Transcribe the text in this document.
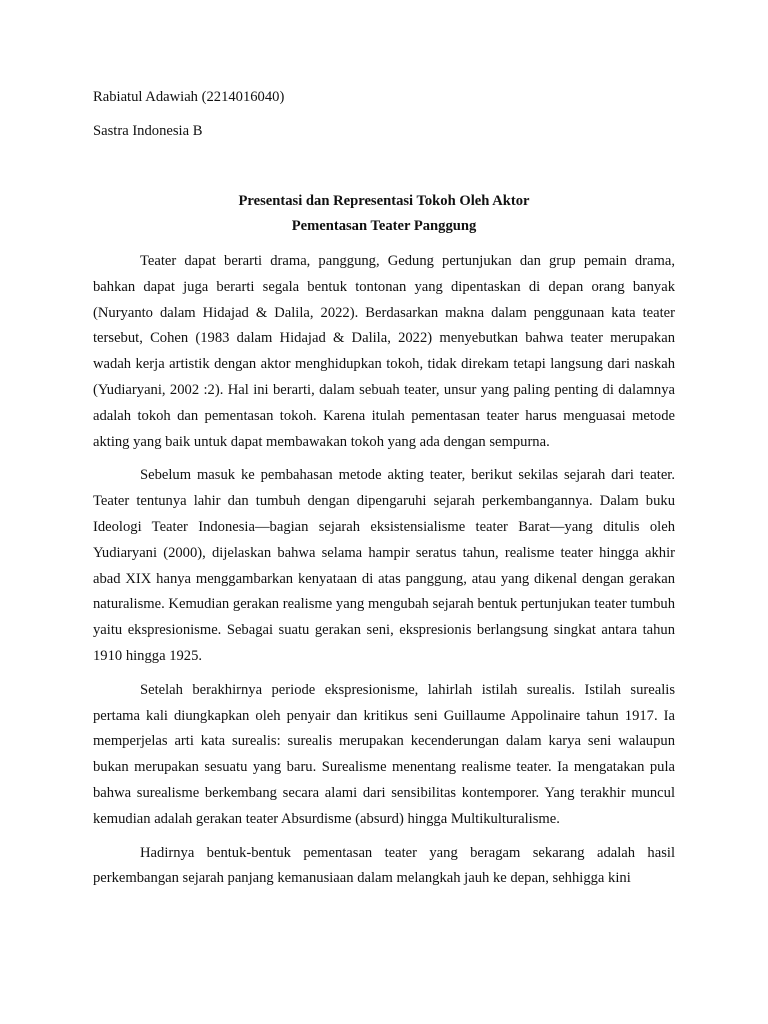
Rabiatul Adawiah (2214016040)
Sastra Indonesia B
Presentasi dan Representasi Tokoh Oleh Aktor
Pementasan Teater Panggung

Teater dapat berarti drama, panggung, Gedung pertunjukan dan grup pemain drama, bahkan dapat juga berarti segala bentuk tontonan yang dipentaskan di depan orang banyak (Nuryanto dalam Hidajad & Dalila, 2022). Berdasarkan makna dalam penggunaan kata teater tersebut, Cohen (1983 dalam Hidajad & Dalila, 2022) menyebutkan bahwa teater merupakan wadah kerja artistik dengan aktor menghidupkan tokoh, tidak direkam tetapi langsung dari naskah (Yudiaryani, 2002 :2). Hal ini berarti, dalam sebuah teater, unsur yang paling penting di dalamnya adalah tokoh dan pementasan tokoh. Karena itulah pementasan teater harus menguasai metode akting yang baik untuk dapat membawakan tokoh yang ada dengan sempurna.

Sebelum masuk ke pembahasan metode akting teater, berikut sekilas sejarah dari teater. Teater tentunya lahir dan tumbuh dengan dipengaruhi sejarah perkembangannya. Dalam buku Ideologi Teater Indonesia—bagian sejarah eksistensialisme teater Barat—yang ditulis oleh Yudiaryani (2000), dijelaskan bahwa selama hampir seratus tahun, realisme teater hingga akhir abad XIX hanya menggambarkan kenyataan di atas panggung, atau yang dikenal dengan gerakan naturalisme. Kemudian gerakan realisme yang mengubah sejarah bentuk pertunjukan teater tumbuh yaitu ekspresionisme. Sebagai suatu gerakan seni, ekspresionis berlangsung singkat antara tahun 1910 hingga 1925.

Setelah berakhirnya periode ekspresionisme, lahirlah istilah surealis. Istilah surealis pertama kali diungkapkan oleh penyair dan kritikus seni Guillaume Appolinaire tahun 1917. Ia memperjelas arti kata surealis: surealis merupakan kecenderungan dalam karya seni walaupun bukan merupakan sesuatu yang baru. Surealisme menentang realisme teater. Ia mengatakan pula bahwa surealisme berkembang secara alami dari sensibilitas kontemporer. Yang terakhir muncul kemudian adalah gerakan teater Absurdisme (absurd) hingga Multikulturalisme.

Hadirnya bentuk-bentuk pementasan teater yang beragam sekarang adalah hasil perkembangan sejarah panjang kemanusiaan dalam melangkah jauh ke depan, sehhigga kini
